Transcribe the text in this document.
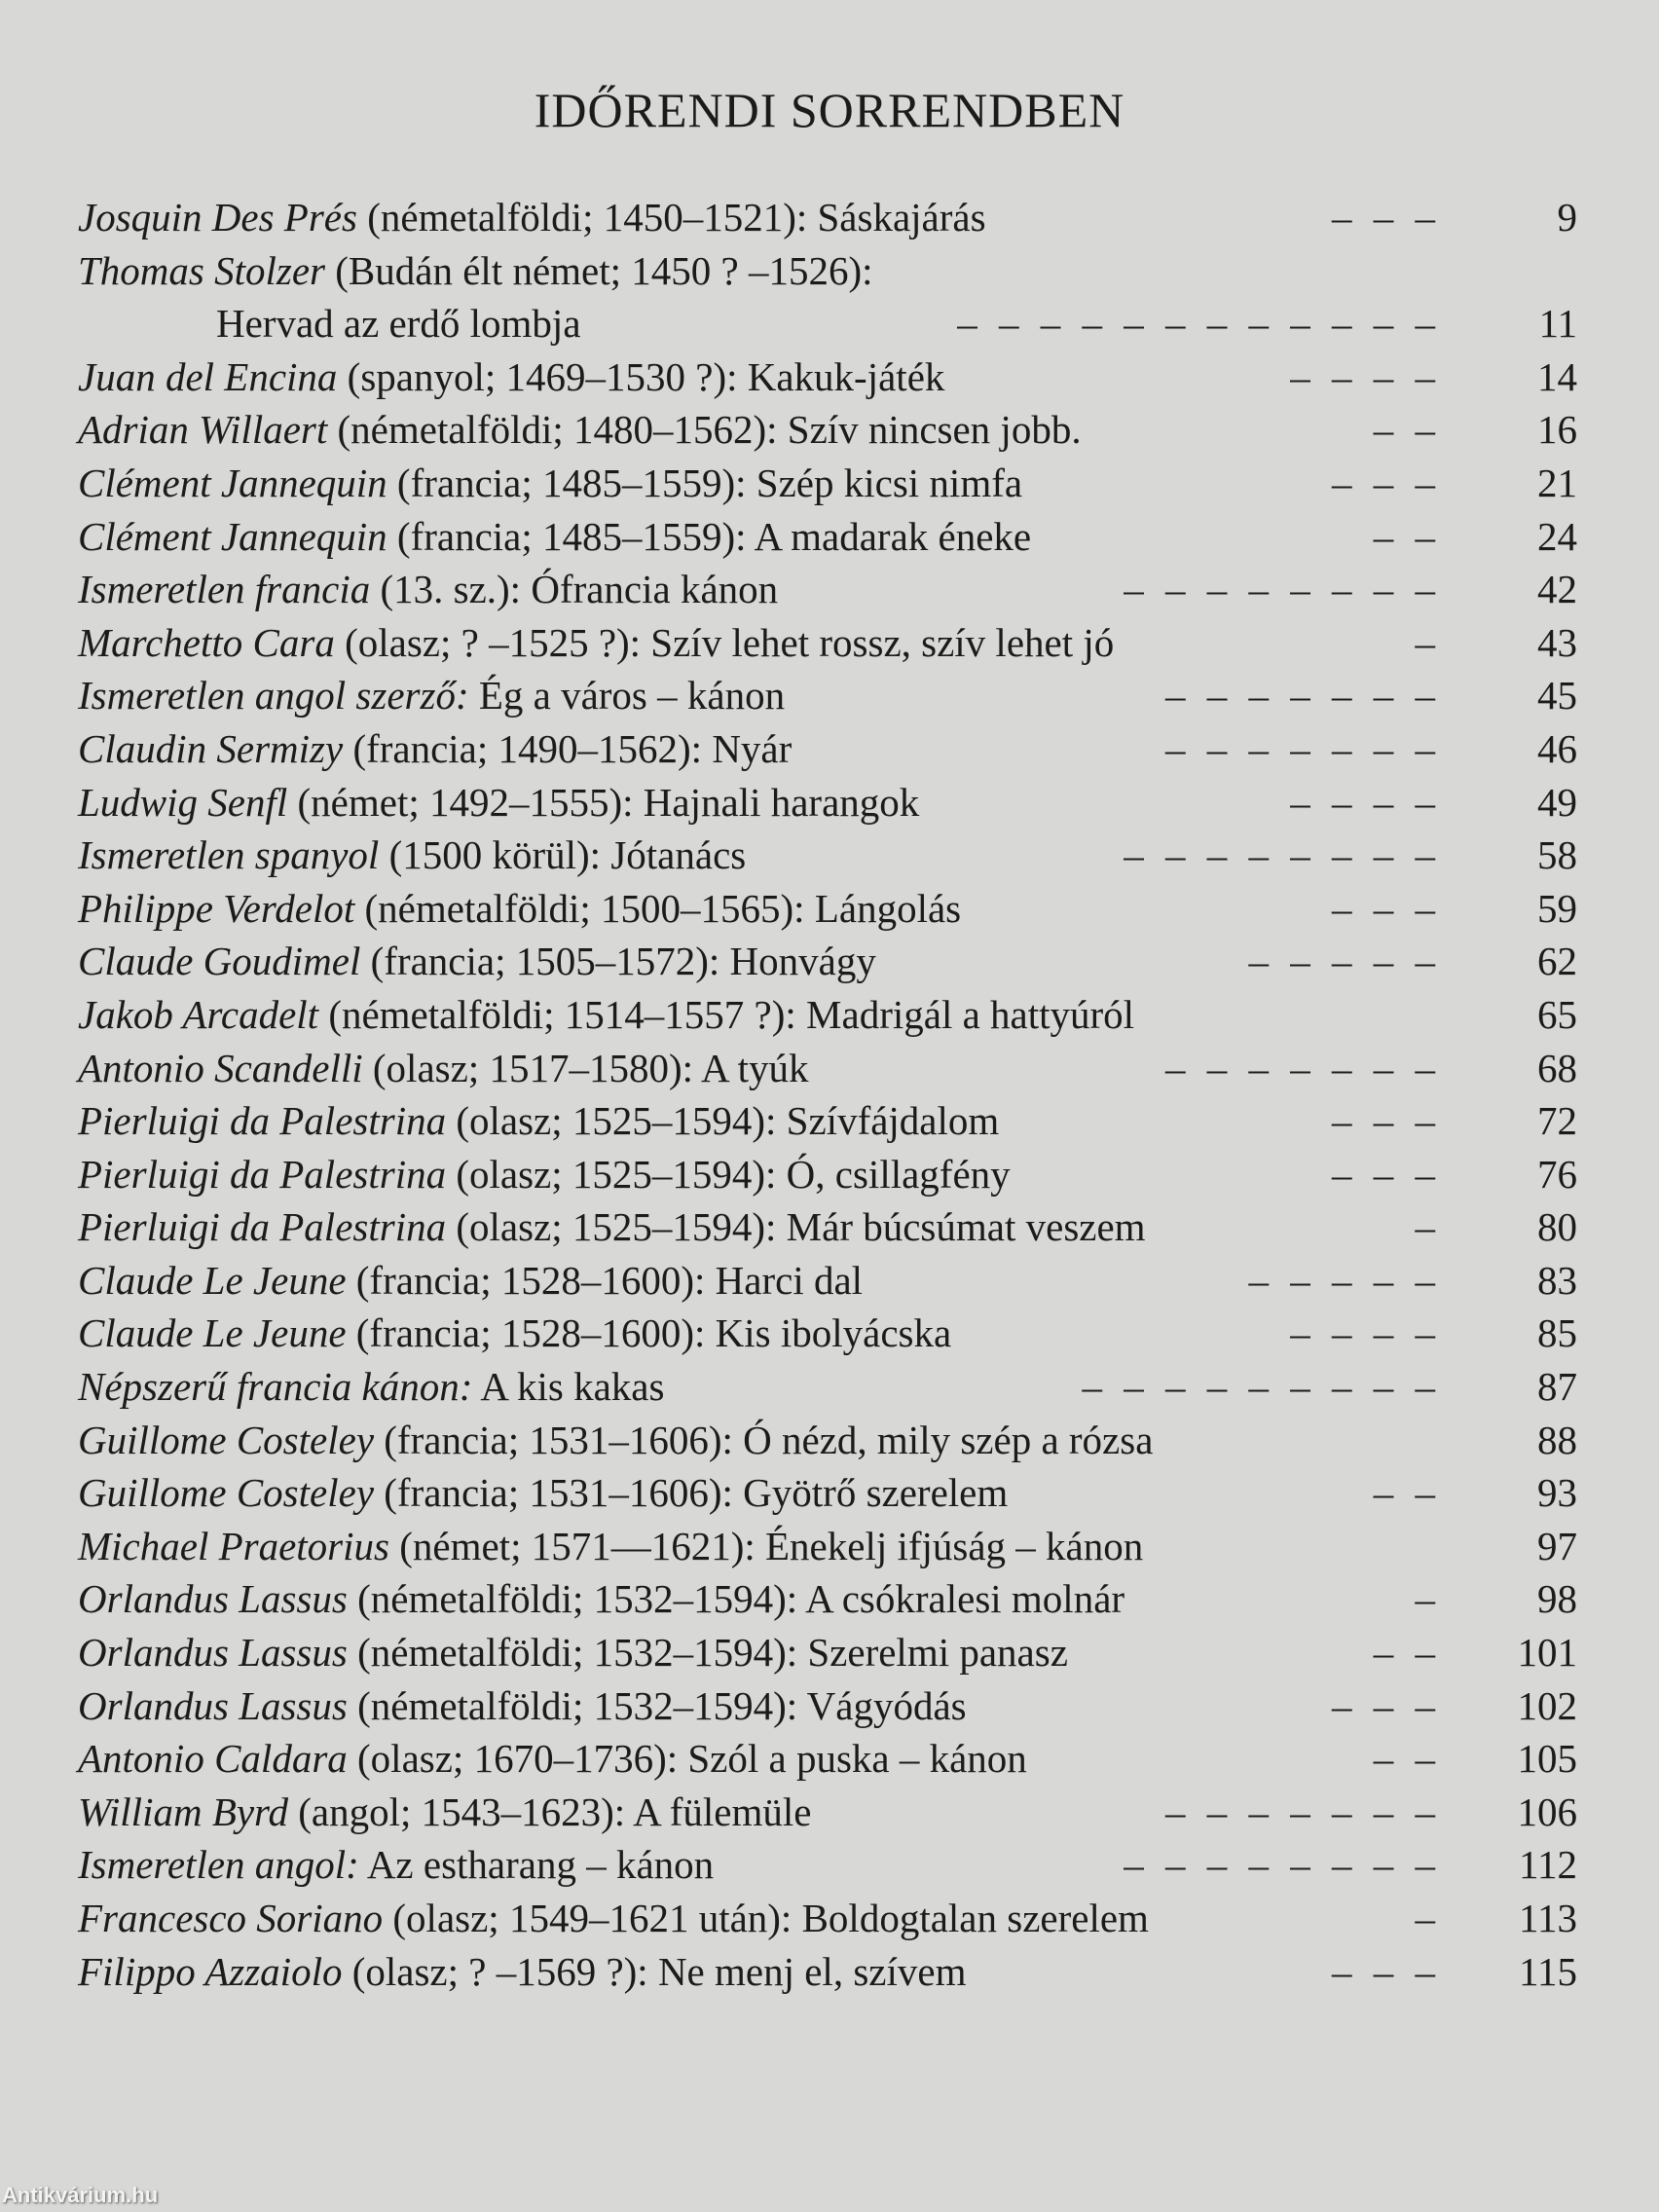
IDŐRENDI SORRENDBEN
Josquin Des Prés (németalföldi; 1450–1521): Sáskajárás	– – –	9
Thomas Stolzer (Budán élt német; 1450 ? –1526):
Hervad az erdő lombja	– – – – – – – – – – – –	11
Juan del Encina (spanyol; 1469–1530 ?): Kakuk-játék	– – – –	14
Adrian Willaert (németalföldi; 1480–1562): Szív nincsen jobb.	– –	16
Clément Jannequin (francia; 1485–1559): Szép kicsi nimfa	– – –	21
Clément Jannequin (francia; 1485–1559): A madarak éneke	– –	24
Ismeretlen francia (13. sz.): Ófrancia kánon	– – – – – – – –	42
Marchetto Cara (olasz; ? –1525 ?): Szív lehet rossz, szív lehet jó	–	43
Ismeretlen angol szerző: Ég a város – kánon	– – – – – – –	45
Claudin Sermizy (francia; 1490–1562): Nyár	– – – – – – –	46
Ludwig Senfl (német; 1492–1555): Hajnali harangok	– – – –	49
Ismeretlen spanyol (1500 körül): Jótanács	– – – – – – – –	58
Philippe Verdelot (németalföldi; 1500–1565): Lángolás	– – –	59
Claude Goudimel (francia; 1505–1572): Honvágy	– – – – –	62
Jakob Arcadelt (németalföldi; 1514–1557 ?): Madrigál a hattyúról	65
Antonio Scandelli (olasz; 1517–1580): A tyúk	– – – – – – –	68
Pierluigi da Palestrina (olasz; 1525–1594): Szívfájdalom	– – –	72
Pierluigi da Palestrina (olasz; 1525–1594): Ó, csillagfény	– – –	76
Pierluigi da Palestrina (olasz; 1525–1594): Már búcsúmat veszem	–	80
Claude Le Jeune (francia; 1528–1600): Harci dal	– – – – –	83
Claude Le Jeune (francia; 1528–1600): Kis ibolyácska	– – – –	85
Népszerű francia kánon: A kis kakas	– – – – – – – – –	87
Guillome Costeley (francia; 1531–1606): Ó nézd, mily szép a rózsa	88
Guillome Costeley (francia; 1531–1606): Gyötrő szerelem	– –	93
Michael Praetorius (német; 1571––1621): Énekelj ifjúság – kánon	97
Orlandus Lassus (németalföldi; 1532–1594): A csókralesi molnár	–	98
Orlandus Lassus (németalföldi; 1532–1594): Szerelmi panasz	– –	101
Orlandus Lassus (németalföldi; 1532–1594): Vágyódás	– – –	102
Antonio Caldara (olasz; 1670–1736): Szól a puska – kánon	– –	105
William Byrd (angol; 1543–1623): A fülemüle	– – – – – – –	106
Ismeretlen angol: Az estharang – kánon	– – – – – – – –	112
Francesco Soriano (olasz; 1549–1621 után): Boldogtalan szerelem	–	113
Filippo Azzaiolo (olasz; ? –1569 ?): Ne menj el, szívem	– – –	115
Antikvárium.hu
